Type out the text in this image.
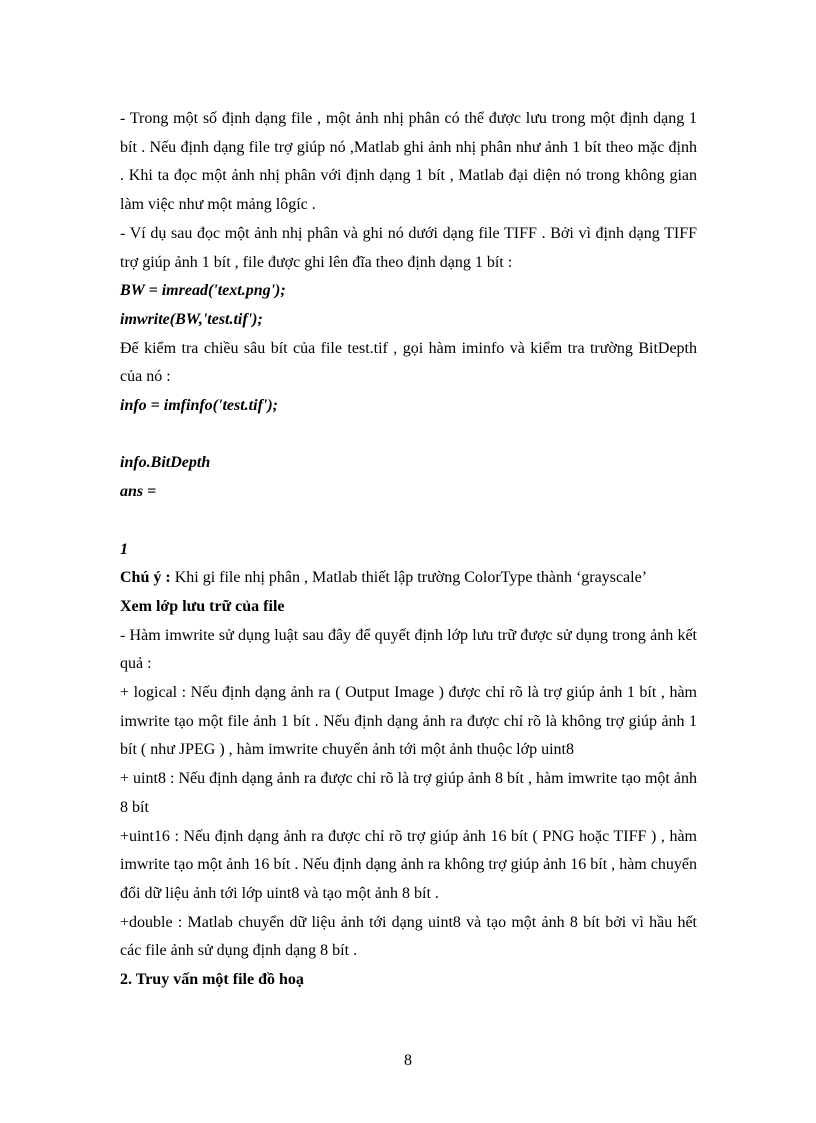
- Trong một số định dạng file , một ảnh nhị phân có thể được lưu trong một định dạng 1 bít . Nếu định dạng file trợ giúp nó ,Matlab ghi ảnh nhị phân như ảnh 1 bít theo mặc định . Khi ta đọc một ảnh nhị phân với định dạng 1 bít , Matlab đại diện nó trong không gian làm việc như một mảng lôgíc .

- Ví dụ sau đọc một ảnh nhị phân và ghi nó dưới dạng file TIFF . Bởi vì định dạng TIFF trợ giúp ảnh 1 bít , file được ghi lên đĩa theo định dạng 1 bít :

BW = imread('text.png');

imwrite(BW,'test.tif');

Để kiểm tra chiều sâu bít của file test.tif , gọi hàm iminfo và kiểm tra trường BitDepth của nó :

info = imfinfo('test.tif');

info.BitDepth

ans =

1

Chú ý : Khi gi file nhị phân , Matlab thiết lập trường ColorType thành ‘grayscale’

Xem lớp lưu trữ của file

- Hàm imwrite sử dụng luật sau đây để quyết định lớp lưu trữ được sử dụng trong ảnh kết quả :

+ logical : Nếu định dạng ảnh ra ( Output Image ) được chỉ rõ là trợ giúp ảnh 1 bít , hàm imwrite tạo một file ảnh 1 bít . Nếu định dạng ảnh ra được chỉ rõ là không trợ giúp ảnh 1 bít ( như JPEG ) , hàm imwrite chuyển ảnh tới một ảnh thuộc lớp uint8

+ uint8 : Nếu định dạng ảnh ra được chỉ rõ là trợ giúp ảnh 8 bít , hàm imwrite tạo một ảnh 8 bít

+uint16 : Nếu định dạng ảnh ra được chỉ rõ trợ giúp ảnh 16 bít ( PNG hoặc TIFF ) , hàm imwrite tạo một ảnh 16 bít . Nếu định dạng ảnh ra không trợ giúp ảnh 16 bít , hàm chuyển đổi dữ liệu ảnh tới lớp uint8 và tạo một ảnh 8 bít .

+double : Matlab chuyển dữ liệu ảnh tới dạng uint8 và tạo một ảnh 8 bít bởi vì hầu hết các file ảnh sử dụng định dạng 8 bít .

2. Truy vấn một file đồ hoạ

8
